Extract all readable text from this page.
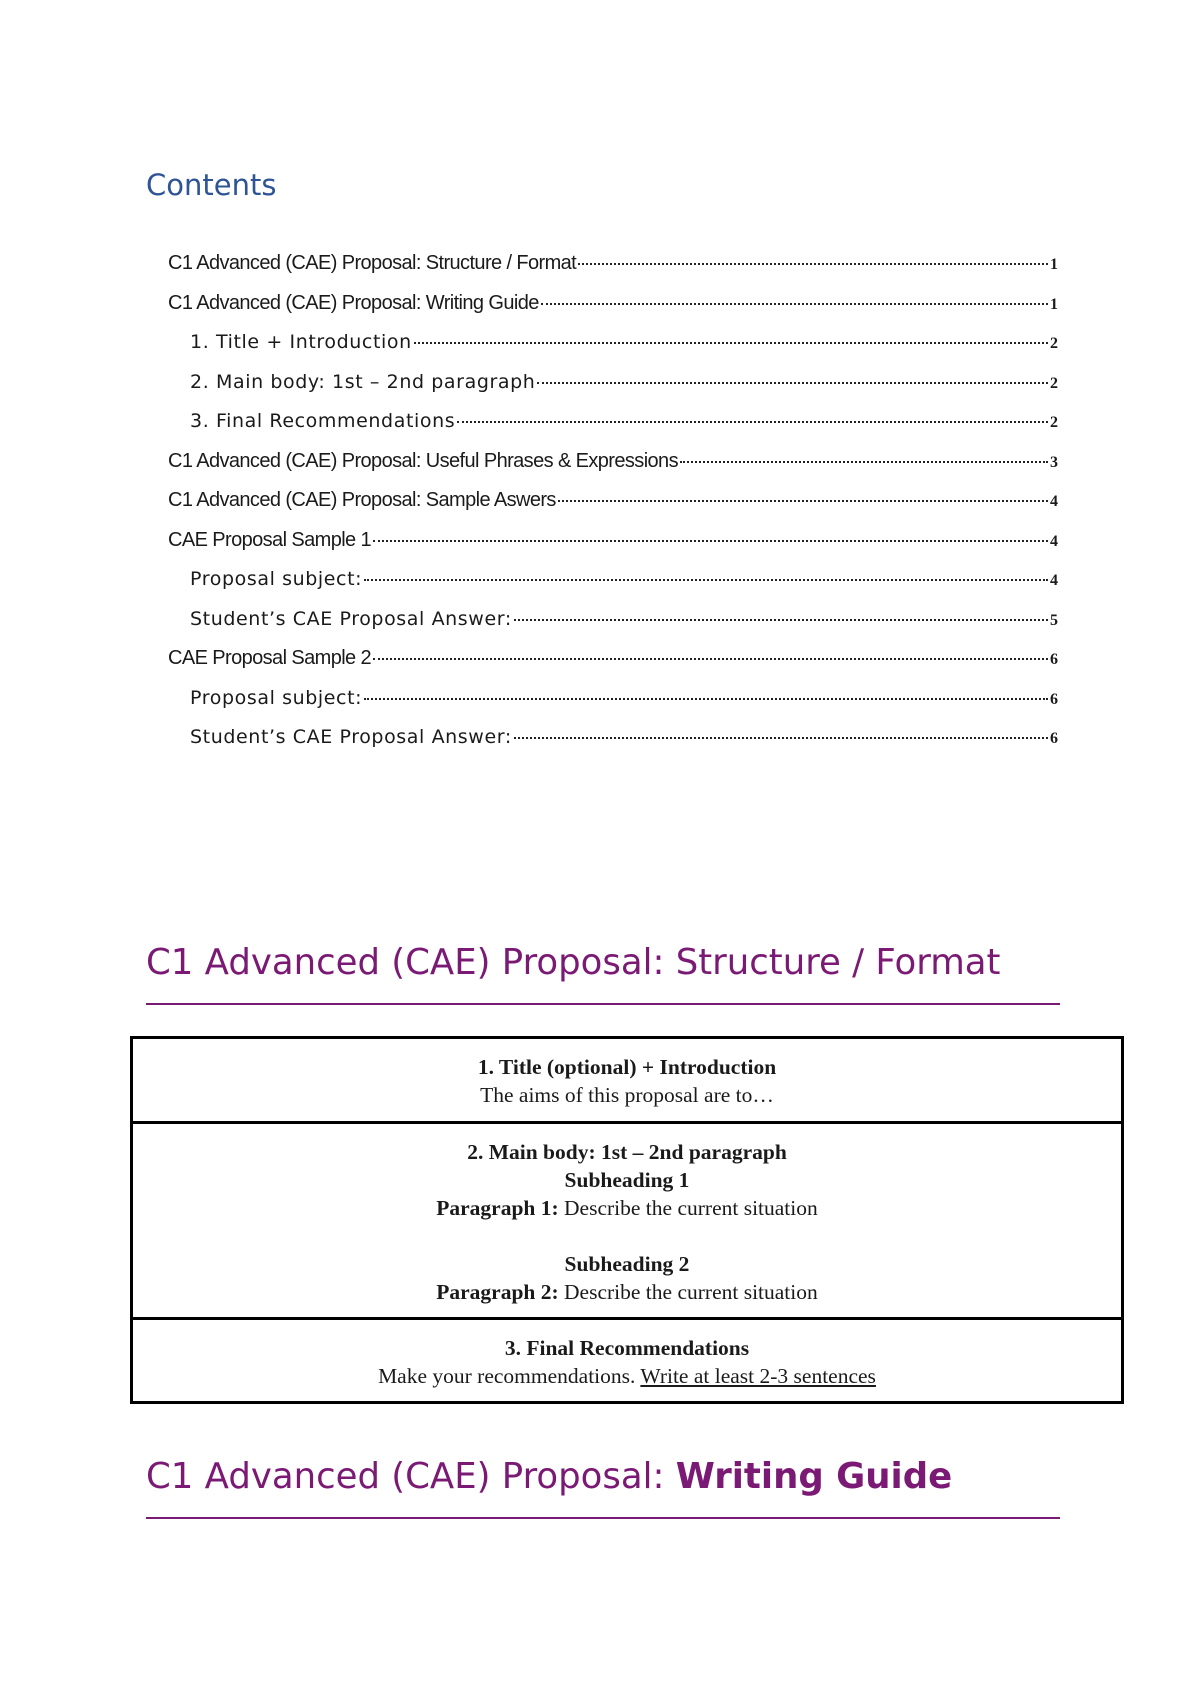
Contents
C1 Advanced (CAE) Proposal: Structure / Format	1
C1 Advanced (CAE) Proposal: Writing Guide	1
1. Title + Introduction	2
2. Main body: 1st – 2nd paragraph	2
3. Final Recommendations	2
C1 Advanced (CAE) Proposal: Useful Phrases & Expressions	3
C1 Advanced (CAE) Proposal: Sample Aswers	4
CAE Proposal Sample 1	4
Proposal subject:	4
Student’s CAE Proposal Answer:	5
CAE Proposal Sample 2	6
Proposal subject:	6
Student’s CAE Proposal Answer:	6
C1 Advanced (CAE) Proposal: Structure / Format
1. Title (optional) + Introduction
The aims of this proposal are to…
2. Main body: 1st – 2nd paragraph
Subheading 1
Paragraph 1: Describe the current situation
Subheading 2
Paragraph 2: Describe the current situation
3. Final Recommendations
Make your recommendations. Write at least 2-3 sentences
C1 Advanced (CAE) Proposal: Writing Guide
